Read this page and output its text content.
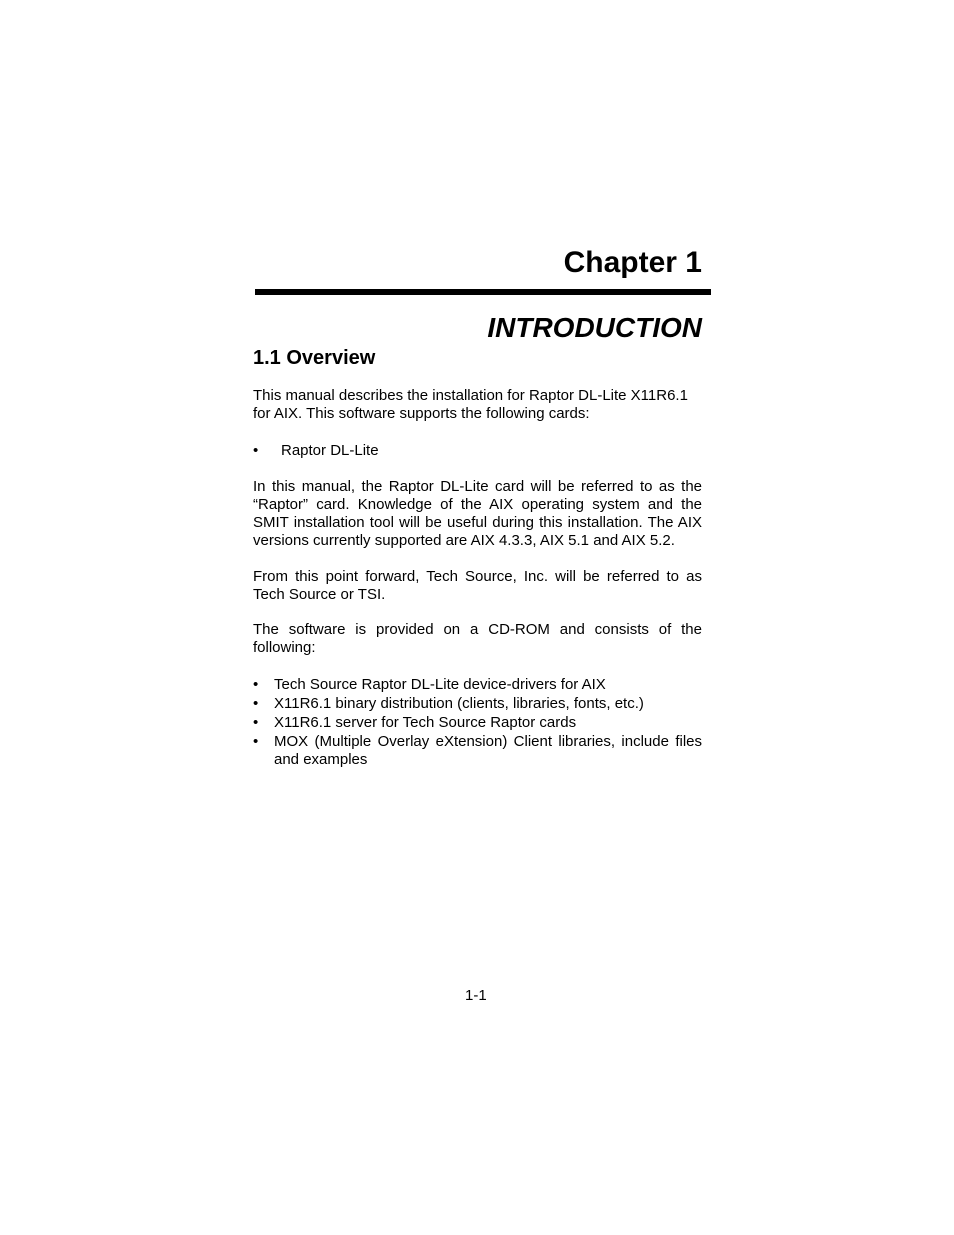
Chapter 1
INTRODUCTION
1.1 Overview

This manual describes the installation for Raptor DL-Lite X11R6.1 for AIX. This software supports the following cards:

• Raptor DL-Lite

In this manual, the Raptor DL-Lite card will be referred to as the “Raptor” card. Knowledge of the AIX operating system and the SMIT installation tool will be useful during this installation. The AIX versions currently supported are AIX 4.3.3, AIX 5.1 and AIX 5.2.

From this point forward, Tech Source, Inc. will be referred to as Tech Source or TSI.

The software is provided on a CD-ROM and consists of the following:

• Tech Source Raptor DL-Lite device-drivers for AIX
• X11R6.1 binary distribution (clients, libraries, fonts, etc.)
• X11R6.1 server for Tech Source Raptor cards
• MOX (Multiple Overlay eXtension) Client libraries, include files and examples
1-1
